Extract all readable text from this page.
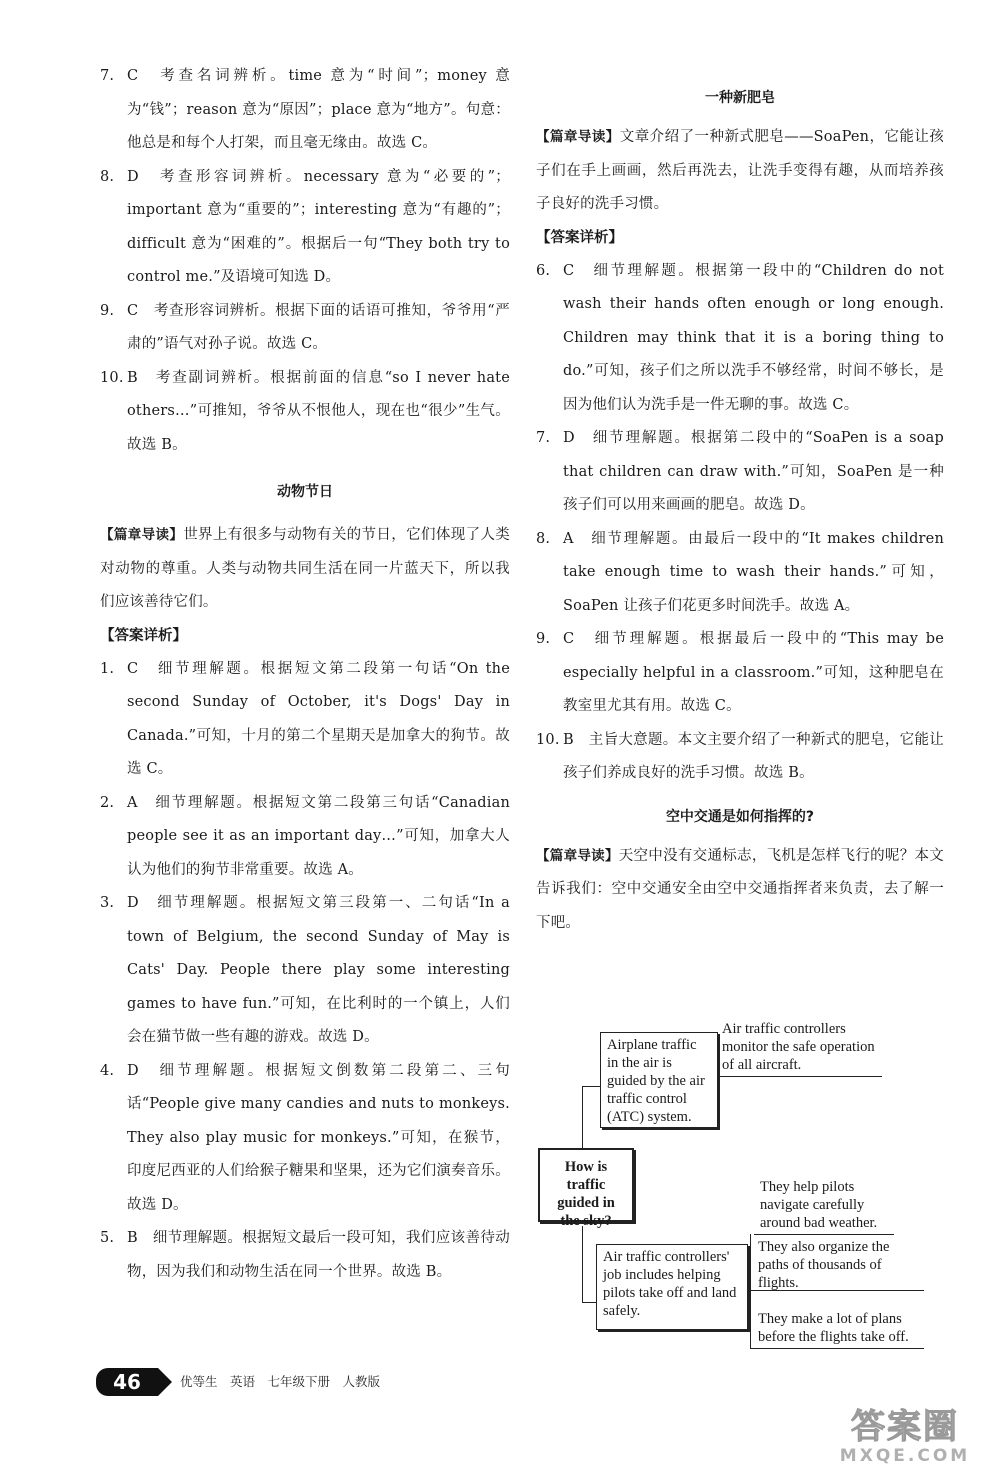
7. C　考查名词辨析。time 意为“时间”；money 意为“钱”；reason 意为“原因”；place 意为“地方”。句意：他总是和每个人打架，而且毫无缘由。故选 C。

8. D　考查形容词辨析。necessary 意为“必要的”；important 意为“重要的”；interesting 意为“有趣的”；difficult 意为“困难的”。根据后一句“They both try to control me.”及语境可知选 D。

9. C　考查形容词辨析。根据下面的话语可推知，爷爷用“严肃的”语气对孙子说。故选 C。

10. B　考查副词辨析。根据前面的信息“so I never hate others…”可推知，爷爷从不恨他人，现在也“很少”生气。故选 B。

动物节日

【篇章导读】世界上有很多与动物有关的节日，它们体现了人类对动物的尊重。人类与动物共同生活在同一片蓝天下，所以我们应该善待它们。

【答案详析】

1. C　细节理解题。根据短文第二段第一句话“On the second Sunday of October, it's Dogs' Day in Canada.”可知，十月的第二个星期天是加拿大的狗节。故选 C。

2. A　细节理解题。根据短文第二段第三句话“Canadian people see it as an important day…”可知，加拿大人认为他们的狗节非常重要。故选 A。

3. D　细节理解题。根据短文第三段第一、二句话“In a town of Belgium, the second Sunday of May is Cats' Day. People there play some interesting games to have fun.”可知，在比利时的一个镇上，人们会在猫节做一些有趣的游戏。故选 D。

4. D　细节理解题。根据短文倒数第二段第二、三句话“People give many candies and nuts to monkeys. They also play music for monkeys.”可知，在猴节，印度尼西亚的人们给猴子糖果和坚果，还为它们演奏音乐。故选 D。

5. B　细节理解题。根据短文最后一段可知，我们应该善待动物，因为我们和动物生活在同一个世界。故选 B。

一种新肥皂

【篇章导读】文章介绍了一种新式肥皂——SoaPen，它能让孩子们在手上画画，然后再洗去，让洗手变得有趣，从而培养孩子良好的洗手习惯。

【答案详析】

6. C　细节理解题。根据第一段中的“Children do not wash their hands often enough or long enough. Children may think that it is a boring thing to do.”可知，孩子们之所以洗手不够经常，时间不够长，是因为他们认为洗手是一件无聊的事。故选 C。

7. D　细节理解题。根据第二段中的“SoaPen is a soap that children can draw with.”可知，SoaPen 是一种孩子们可以用来画画的肥皂。故选 D。

8. A　细节理解题。由最后一段中的“It makes children take enough time to wash their hands.”可知，SoaPen 让孩子们花更多时间洗手。故选 A。

9. C　细节理解题。根据最后一段中的“This may be especially helpful in a classroom.”可知，这种肥皂在教室里尤其有用。故选 C。

10. B　主旨大意题。本文主要介绍了一种新式的肥皂，它能让孩子们养成良好的洗手习惯。故选 B。

空中交通是如何指挥的?

【篇章导读】天空中没有交通标志，飞机是怎样飞行的呢？本文告诉我们：空中交通安全由空中交通指挥者来负责，去了解一下吧。

How is traffic guided in the sky?
Airplane traffic in the air is guided by the air traffic control (ATC) system.
Air traffic controllers monitor the safe operation of all aircraft.
Air traffic controllers' job includes helping pilots take off and land safely.
They help pilots navigate carefully around bad weather.
They also organize the paths of thousands of flights.
They make a lot of plans before the flights take off.
46	优等生　英语　七年级下册　人教版
答案圈
MXQE.COM
